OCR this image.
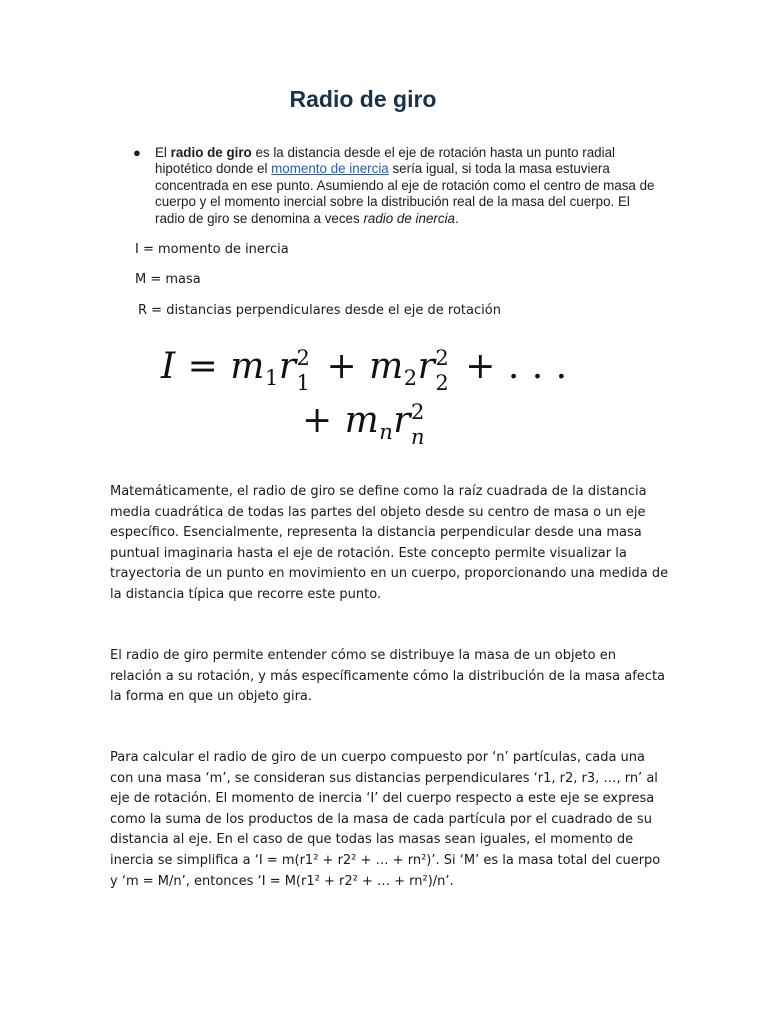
Radio de giro
● El radio de giro es la distancia desde el eje de rotación hasta un punto radial hipotético donde el momento de inercia sería igual, si toda la masa estuviera concentrada en ese punto. Asumiendo al eje de rotación como el centro de masa de cuerpo y el momento inercial sobre la distribución real de la masa del cuerpo. El radio de giro se denomina a veces radio de inercia.
I = momento de inercia
M = masa
R = distancias perpendiculares desde el eje de rotación
I = m1r 2
1 + m2r 2
2 + . . .
+ mnr 2
n

Matemáticamente, el radio de giro se define como la raíz cuadrada de la distancia media cuadrática de todas las partes del objeto desde su centro de masa o un eje específico. Esencialmente, representa la distancia perpendicular desde una masa puntual imaginaria hasta el eje de rotación. Este concepto permite visualizar la trayectoria de un punto en movimiento en un cuerpo, proporcionando una medida de la distancia típica que recorre este punto.

El radio de giro permite entender cómo se distribuye la masa de un objeto en relación a su rotación, y más específicamente cómo la distribución de la masa afecta la forma en que un objeto gira.

Para calcular el radio de giro de un cuerpo compuesto por ‘n’ partículas, cada una con una masa ‘m’, se consideran sus distancias perpendiculares ‘r1, r2, r3, …, rn’ al eje de rotación. El momento de inercia ‘I’ del cuerpo respecto a este eje se expresa como la suma de los productos de la masa de cada partícula por el cuadrado de su distancia al eje. En el caso de que todas las masas sean iguales, el momento de inercia se simplifica a ‘I = m(r1² + r2² + … + rn²)’. Si ‘M’ es la masa total del cuerpo y ‘m = M/n’, entonces ‘I = M(r1² + r2² + … + rn²)/n’.
